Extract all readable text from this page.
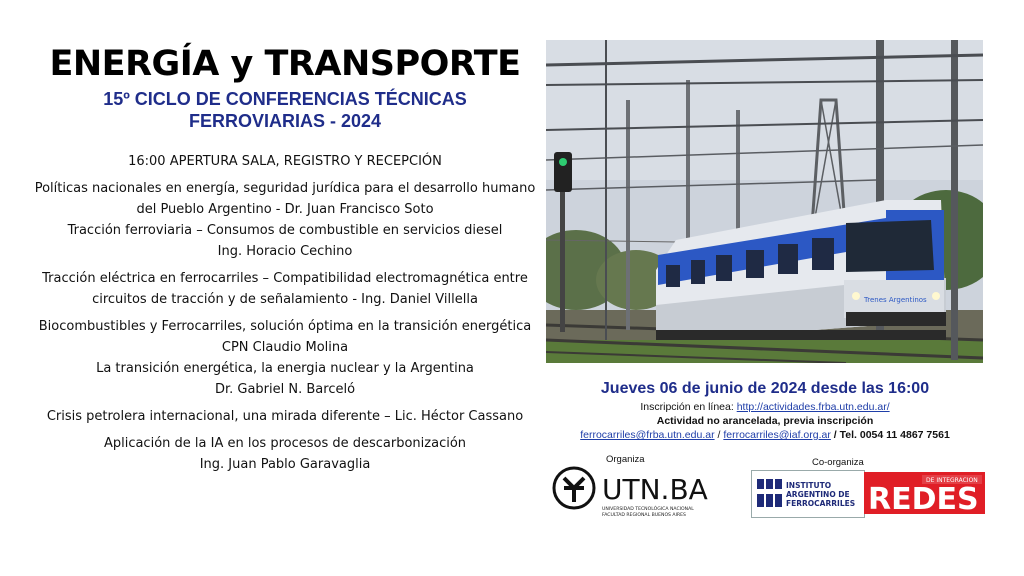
ENERGÍA y TRANSPORTE
15º CICLO DE CONFERENCIAS TÉCNICAS
FERROVIARIAS - 2024
16:00 APERTURA SALA, REGISTRO Y RECEPCIÓN
Políticas nacionales en energía, seguridad jurídica para el desarrollo humano
del Pueblo Argentino - Dr. Juan Francisco Soto
Tracción ferroviaria – Consumos de combustible en servicios diesel
Ing. Horacio Cechino
Tracción eléctrica en ferrocarriles – Compatibilidad electromagnética entre
circuitos de tracción y de señalamiento - Ing. Daniel Villella
Biocombustibles y Ferrocarriles, solución óptima en la transición energética
CPN Claudio Molina
La transición energética, la energia nuclear y la Argentina
Dr. Gabriel N. Barceló
Crisis petrolera internacional, una mirada diferente – Lic. Héctor Cassano
Aplicación de la IA en los procesos de descarbonización
Ing. Juan Pablo Garavaglia
Trenes Argentinos
Jueves 06 de junio de 2024 desde las 16:00
Inscripción en línea: http://actividades.frba.utn.edu.ar/
Actividad no arancelada, previa inscripción
ferrocarriles@frba.utn.edu.ar / ferrocarriles@iaf.org.ar / Tel. 0054 11 4867 7561
Organiza	Co-organiza
UTN.BA
UNIVERSIDAD TECNOLÓGICA NACIONAL
FACULTAD REGIONAL BUENOS AIRES
INSTITUTO
ARGENTINO DE
FERROCARRILES
DE INTEGRACION
REDES
